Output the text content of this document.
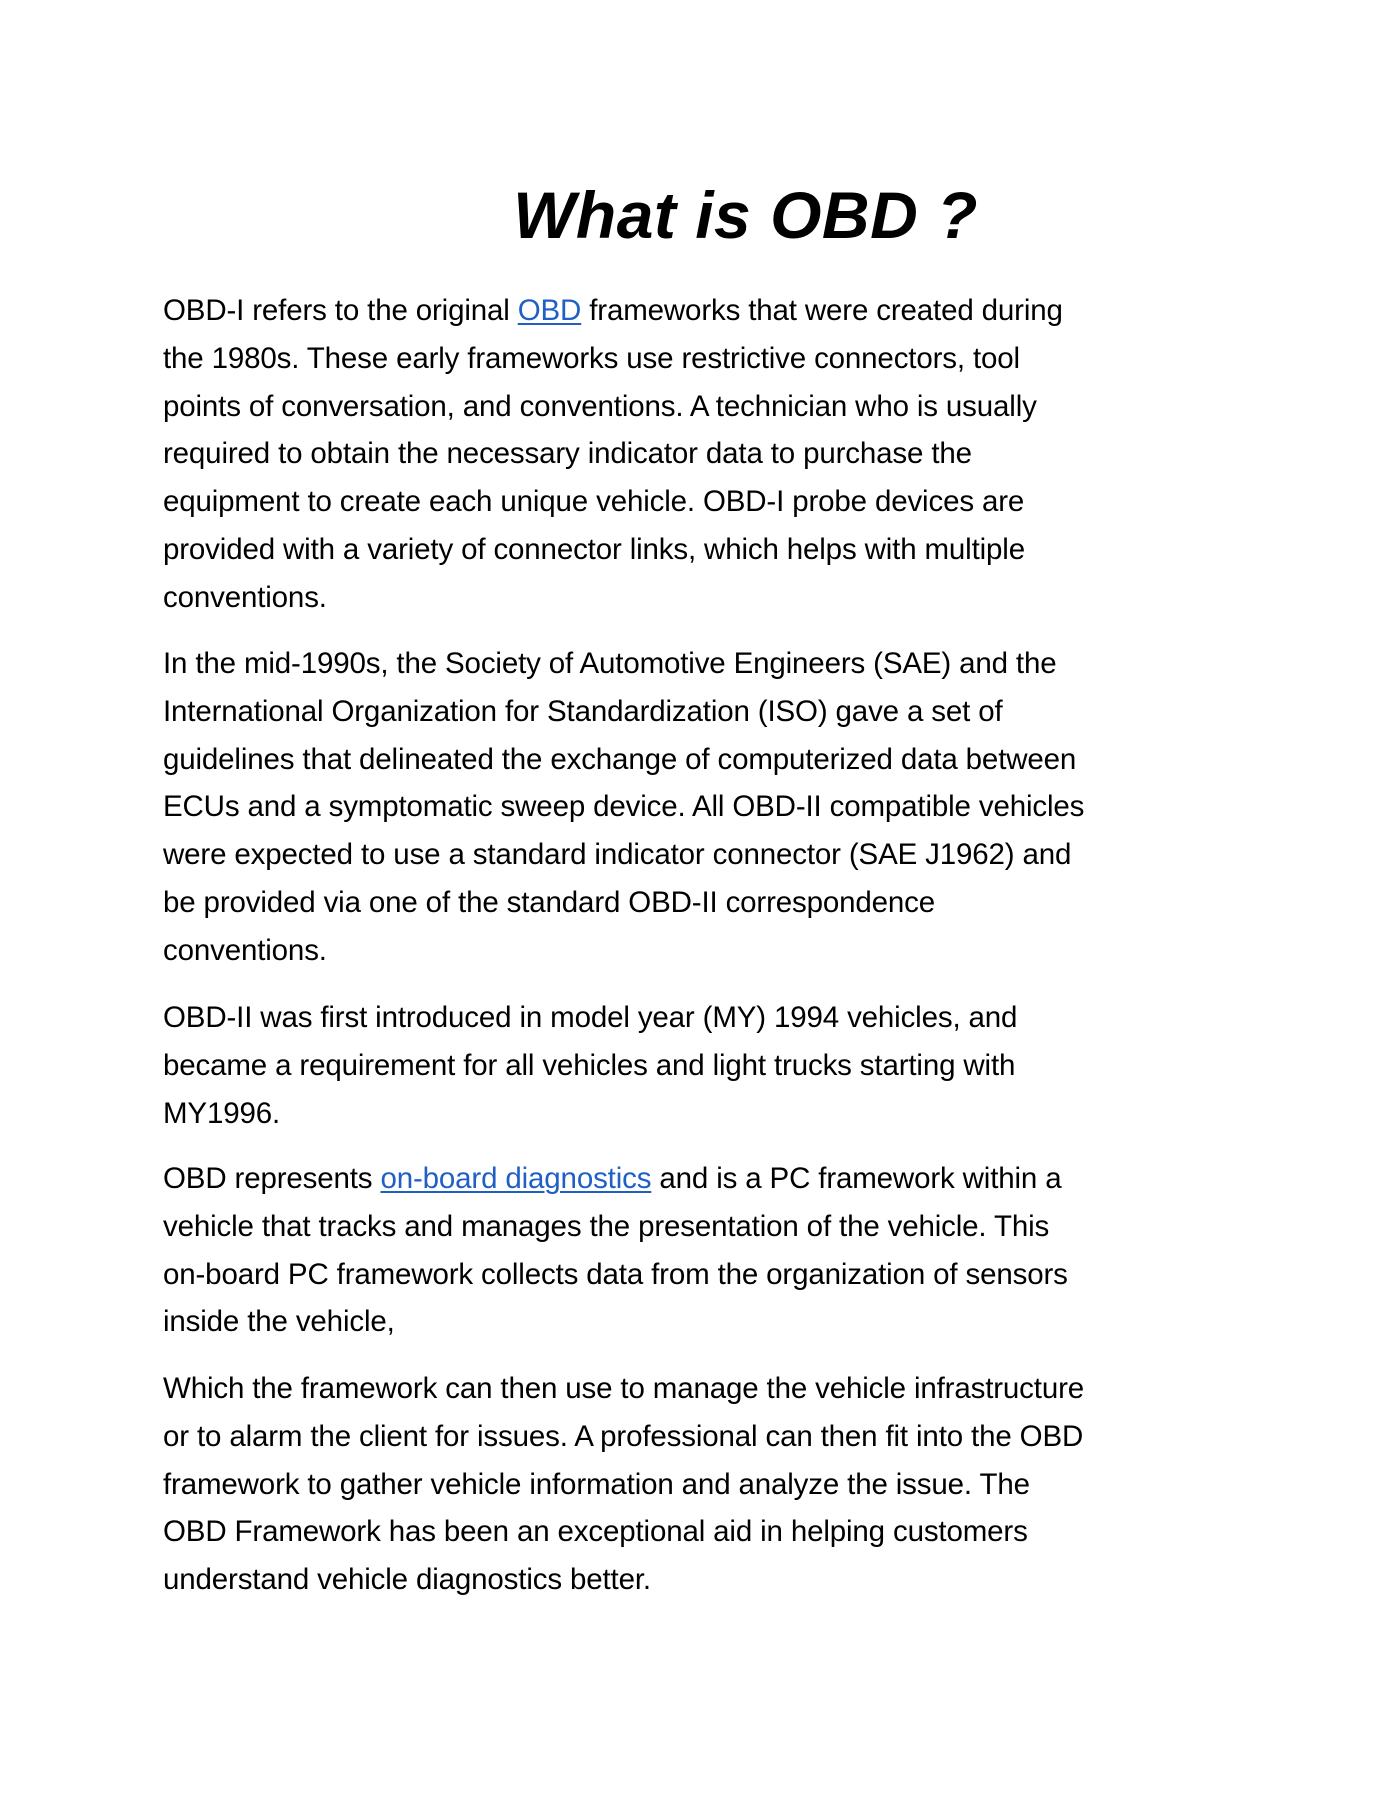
What is OBD ?
OBD-I refers to the original OBD frameworks that were created during
the 1980s. These early frameworks use restrictive connectors, tool
points of conversation, and conventions. A technician who is usually
required to obtain the necessary indicator data to purchase the
equipment to create each unique vehicle. OBD-I probe devices are
provided with a variety of connector links, which helps with multiple
conventions.
In the mid-1990s, the Society of Automotive Engineers (SAE) and the
International Organization for Standardization (ISO) gave a set of
guidelines that delineated the exchange of computerized data between
ECUs and a symptomatic sweep device. All OBD-II compatible vehicles
were expected to use a standard indicator connector (SAE J1962) and
be provided via one of the standard OBD-II correspondence
conventions.
OBD-II was first introduced in model year (MY) 1994 vehicles, and
became a requirement for all vehicles and light trucks starting with
MY1996.
OBD represents on-board diagnostics and is a PC framework within a
vehicle that tracks and manages the presentation of the vehicle. This
on-board PC framework collects data from the organization of sensors
inside the vehicle,
Which the framework can then use to manage the vehicle infrastructure
or to alarm the client for issues. A professional can then fit into the OBD
framework to gather vehicle information and analyze the issue. The
OBD Framework has been an exceptional aid in helping customers
understand vehicle diagnostics better.
